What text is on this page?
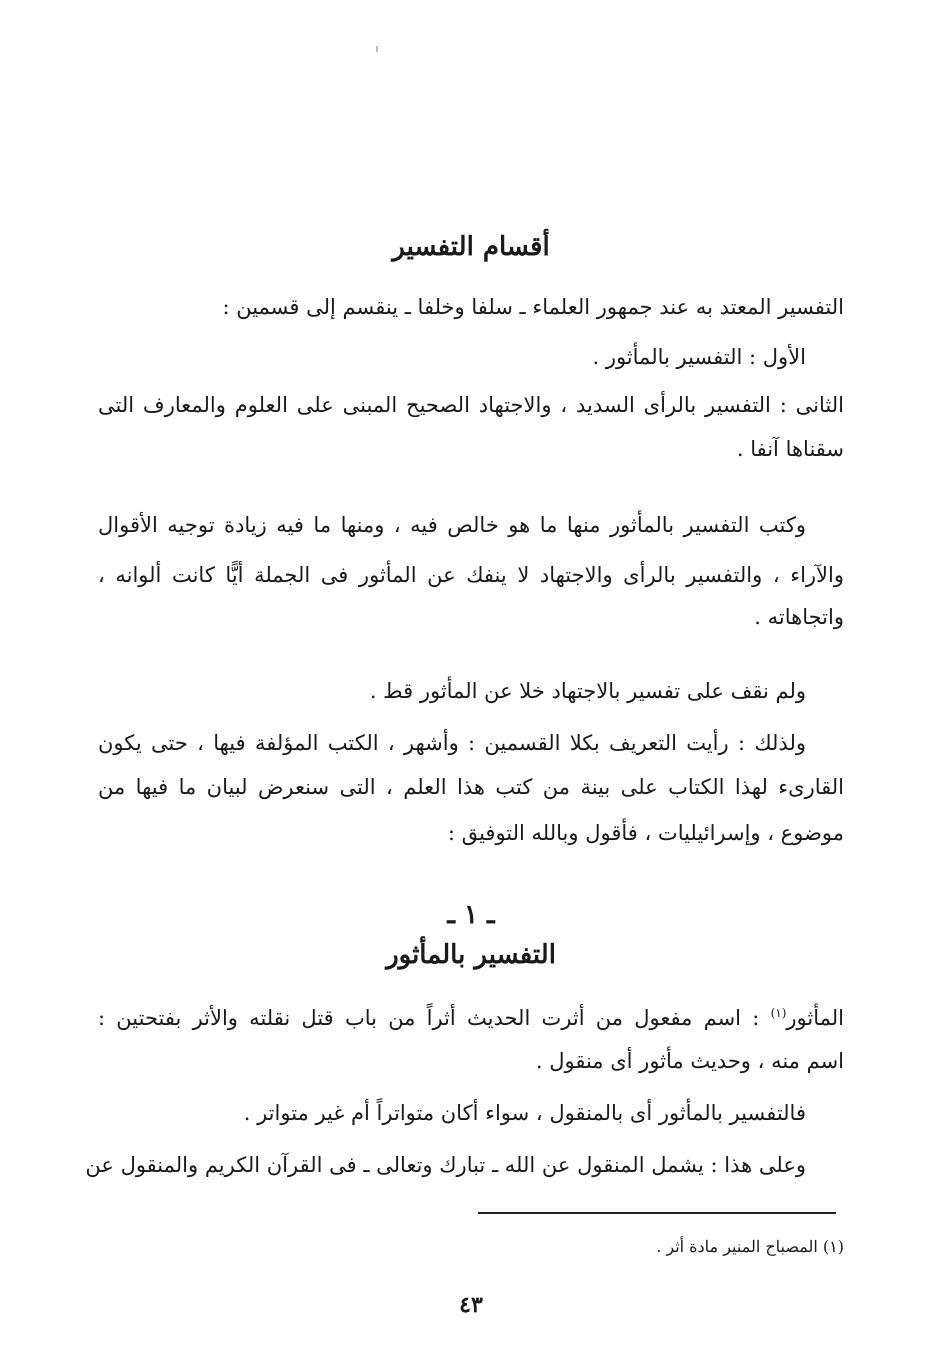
أقسام التفسير
التفسير المعتد به عند جمهور العلماء ـ سلفا وخلفا ـ ينقسم إلى قسمين :
الأول : التفسير بالمأثور .
الثانى : التفسير بالرأى السديد ، والاجتهاد الصحيح المبنى على العلوم والمعارف التى
سقناها آنفا .
وكتب التفسير بالمأثور منها ما هو خالص فيه ، ومنها ما فيه زيادة توجيه الأقوال
والآراء ، والتفسير بالرأى والاجتهاد لا ينفك عن المأثور فى الجملة أيًّا كانت ألوانه ،
واتجاهاته .
ولم نقف على تفسير بالاجتهاد خلا عن المأثور قط .
ولذلك : رأيت التعريف بكلا القسمين : وأشهر ، الكتب المؤلفة فيها ، حتى يكون
القارىء لهذا الكتاب على بينة من كتب هذا العلم ، التى سنعرض لبيان ما فيها من
موضوع ، وإسرائيليات ، فأقول وبالله التوفيق :
ـ ١ ـ
التفسير بالمأثور
المأثور$^{(١)}$ : اسم مفعول من أثرت الحديث أثراً من باب قتل نقلته والأثر بفتحتين :
اسم منه ، وحديث مأثور أى منقول .
فالتفسير بالمأثور أى بالمنقول ، سواء أكان متواتراً أم غير متواتر .
وعلى هذا : يشمل المنقول عن الله ـ تبارك وتعالى ـ فى القرآن الكريم والمنقول عن
(١) المصباح المنير مادة أثر .
٤٣
